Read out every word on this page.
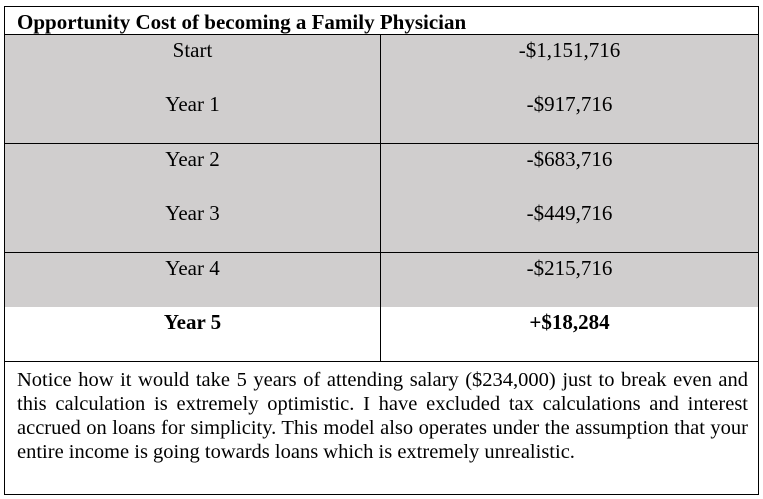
Opportunity Cost of becoming a Family Physician
Start	-$1,151,716
Year 1	-$917,716
Year 2	-$683,716
Year 3	-$449,716
Year 4	-$215,716
Year 5	+$18,284
Notice how it would take 5 years of attending salary ($234,000) just to break even and this calculation is extremely optimistic. I have excluded tax calculations and interest accrued on loans for simplicity. This model also operates under the assumption that your entire income is going towards loans which is extremely unrealistic.
